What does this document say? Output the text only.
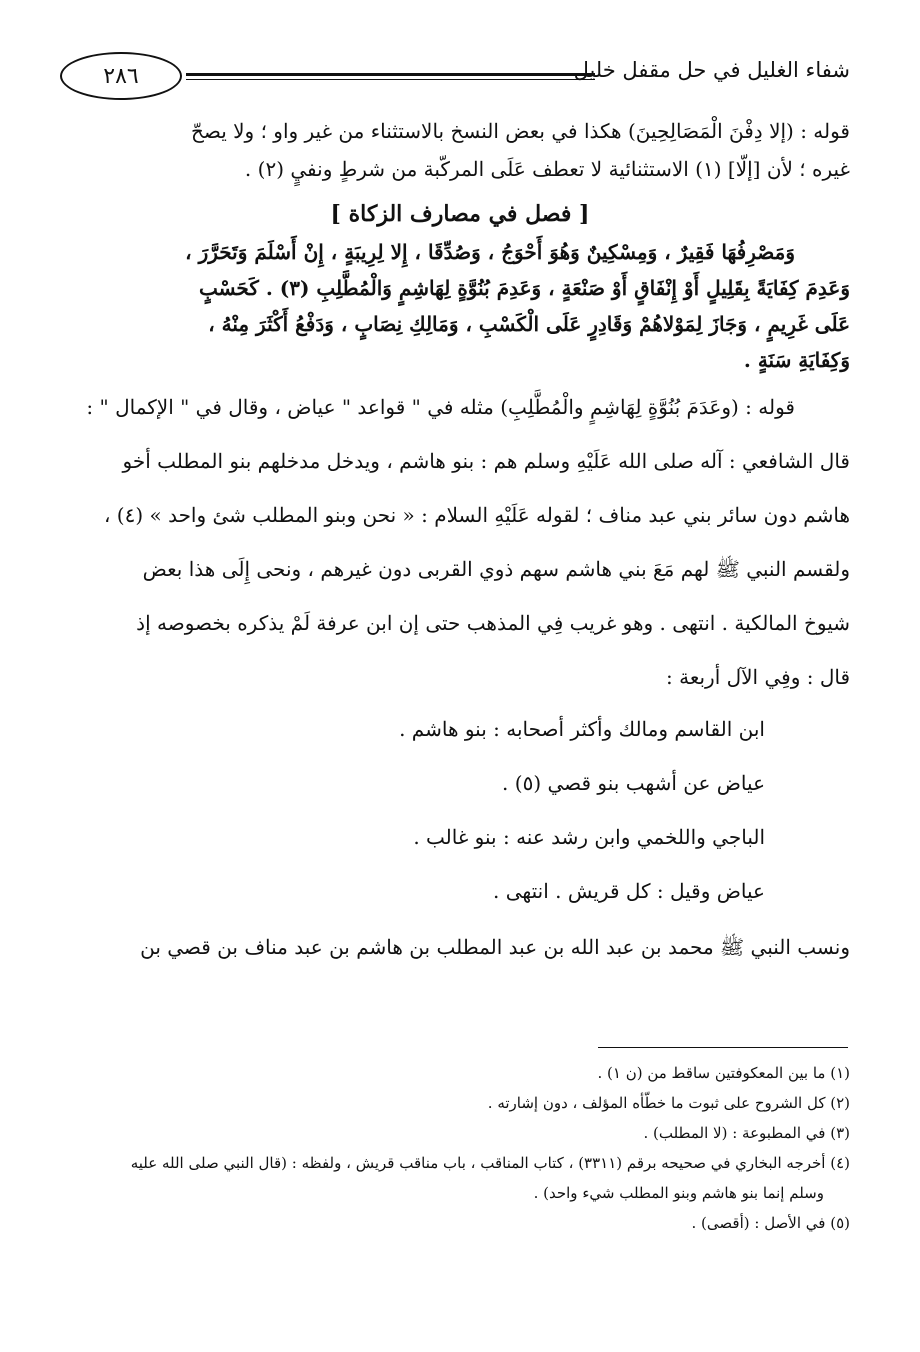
٢٨٦	شفاء الغليل في حل مقفل خليل
قوله : (إلا دِفْنَ الْمَصَالِحِينَ) هكذا في بعض النسخ بالاستثناء من غير واو ؛ ولا يصحّ
غيره ؛ لأن [إلّا] (١) الاستثنائية لا تعطف عَلَى المركّبة من شرطٍ ونفيٍ (٢) .
[ فصل في مصارف الزكاة ]
وَمَصْرِفُهَا فَقِيرٌ ، وَمِسْكِينٌ وَهُوَ أَحْوَجُ ، وَصُدِّقَا ، إِلا لِرِيبَةٍ ، إِنْ أَسْلَمَ وَتَحَرَّرَ ،
وَعَدِمَ كِفَايَةً بِقَلِيلٍ أَوْ إِنْفَاقٍ أَوْ صَنْعَةٍ ، وَعَدِمَ بُنُوَّةٍ لِهَاشِمٍ وَالْمُطَّلِبِ (٣) . كَحَسْبٍ
عَلَى غَرِيمٍ ، وَجَازَ لِمَوْلاهُمْ وَقَادِرٍ عَلَى الْكَسْبِ ، وَمَالِكِ نِصَابٍ ، وَدَفْعُ أَكْثَرَ مِنْهُ ،
وَكِفَايَةِ سَنَةٍ .
قوله : (وعَدَمَ بُنُوَّةٍ لِهَاشِمٍ والْمُطَّلِبِ) مثله في " قواعد " عياض ، وقال في " الإكمال " :
قال الشافعي : آله صلى الله عَلَيْهِ وسلم هم : بنو هاشم ، ويدخل مدخلهم بنو المطلب أخو
هاشم دون سائر بني عبد مناف ؛ لقوله عَلَيْهِ السلام : « نحن وبنو المطلب شئ واحد » (٤) ،
ولقسم النبي ﷺ لهم مَعَ بني هاشم سهم ذوي القربى دون غيرهم ، ونحى إِلَى هذا بعض
شيوخ المالكية . انتهى . وهو غريب فِي المذهب حتى إن ابن عرفة لَمْ يذكره بخصوصه إذ
قال : وفِي الآل أربعة :
ابن القاسم ومالك وأكثر أصحابه : بنو هاشم .
عياض عن أشهب بنو قصي (٥) .
الباجي واللخمي وابن رشد عنه : بنو غالب .
عياض وقيل : كل قريش . انتهى .
ونسب النبي ﷺ محمد بن عبد الله بن عبد المطلب بن هاشم بن عبد مناف بن قصي بن
(١) ما بين المعكوفتين ساقط من (ن ١) .
(٢) كل الشروح على ثبوت ما خطّأه المؤلف ، دون إشارته .
(٣) في المطبوعة : (لا المطلب) .
(٤) أخرجه البخاري في صحيحه برقم (٣٣١١) ، كتاب المناقب ، باب مناقب قريش ، ولفظه : (قال النبي صلى الله عليه
وسلم إنما بنو هاشم وبنو المطلب شيء واحد) .
(٥) في الأصل : (أقصى) .
